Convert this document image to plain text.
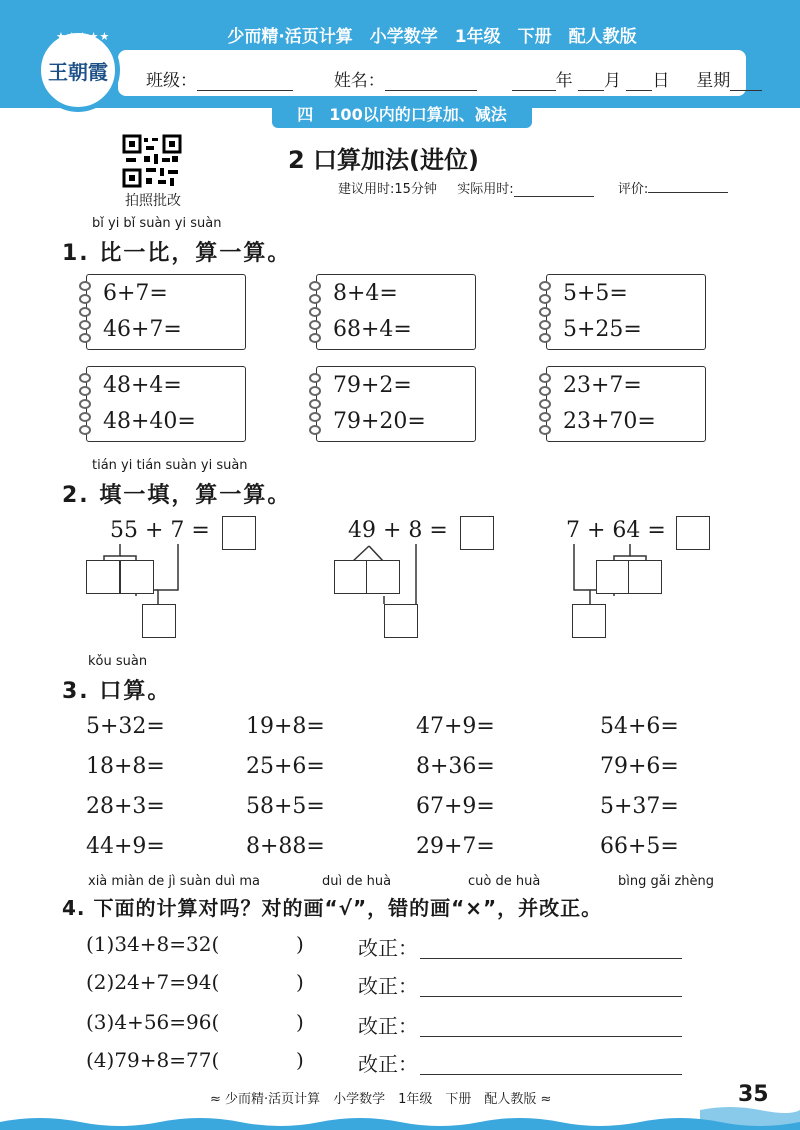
少而精·活页计算　小学数学　1年级　下册　配人教版
王朝霞
★★★★★
班级：	姓名：	年 月 日 星期
四　100以内的口算加、减法
拍照批改
2 口算加法(进位)
建议用时:15分钟 实际用时:	评价:
bǐ yi bǐ suàn yi suàn
1. 比一比，算一算。
6+7=
46+7=
8+4=
68+4=
5+5=
5+25=
48+4=
48+40=
79+2=
79+20=
23+7=
23+70=
tián yi tián suàn yi suàn
2. 填一填，算一算。
55 + 7 =	49 + 8 =	7 + 64 =
kǒu suàn
3. 口算。
5+32=	19+8=	47+9=	54+6=
18+8=	25+6=	8+36=	79+6=
28+3=	58+5=	67+9=	5+37=
44+9=	8+88=	29+7=	66+5=
xià miàn de jì suàn duì ma	duì de huà	cuò de huà	bìng gǎi zhèng
4. 下面的计算对吗？对的画“√”，错的画“×”，并改正。
(1)34+8=32(	)	改正：
(2)24+7=94(	)	改正：
(3)4+56=96(	)	改正：
(4)79+8=77(	)	改正：
≈ 少而精·活页计算　小学数学　1年级　下册　配人教版 ≈	35
